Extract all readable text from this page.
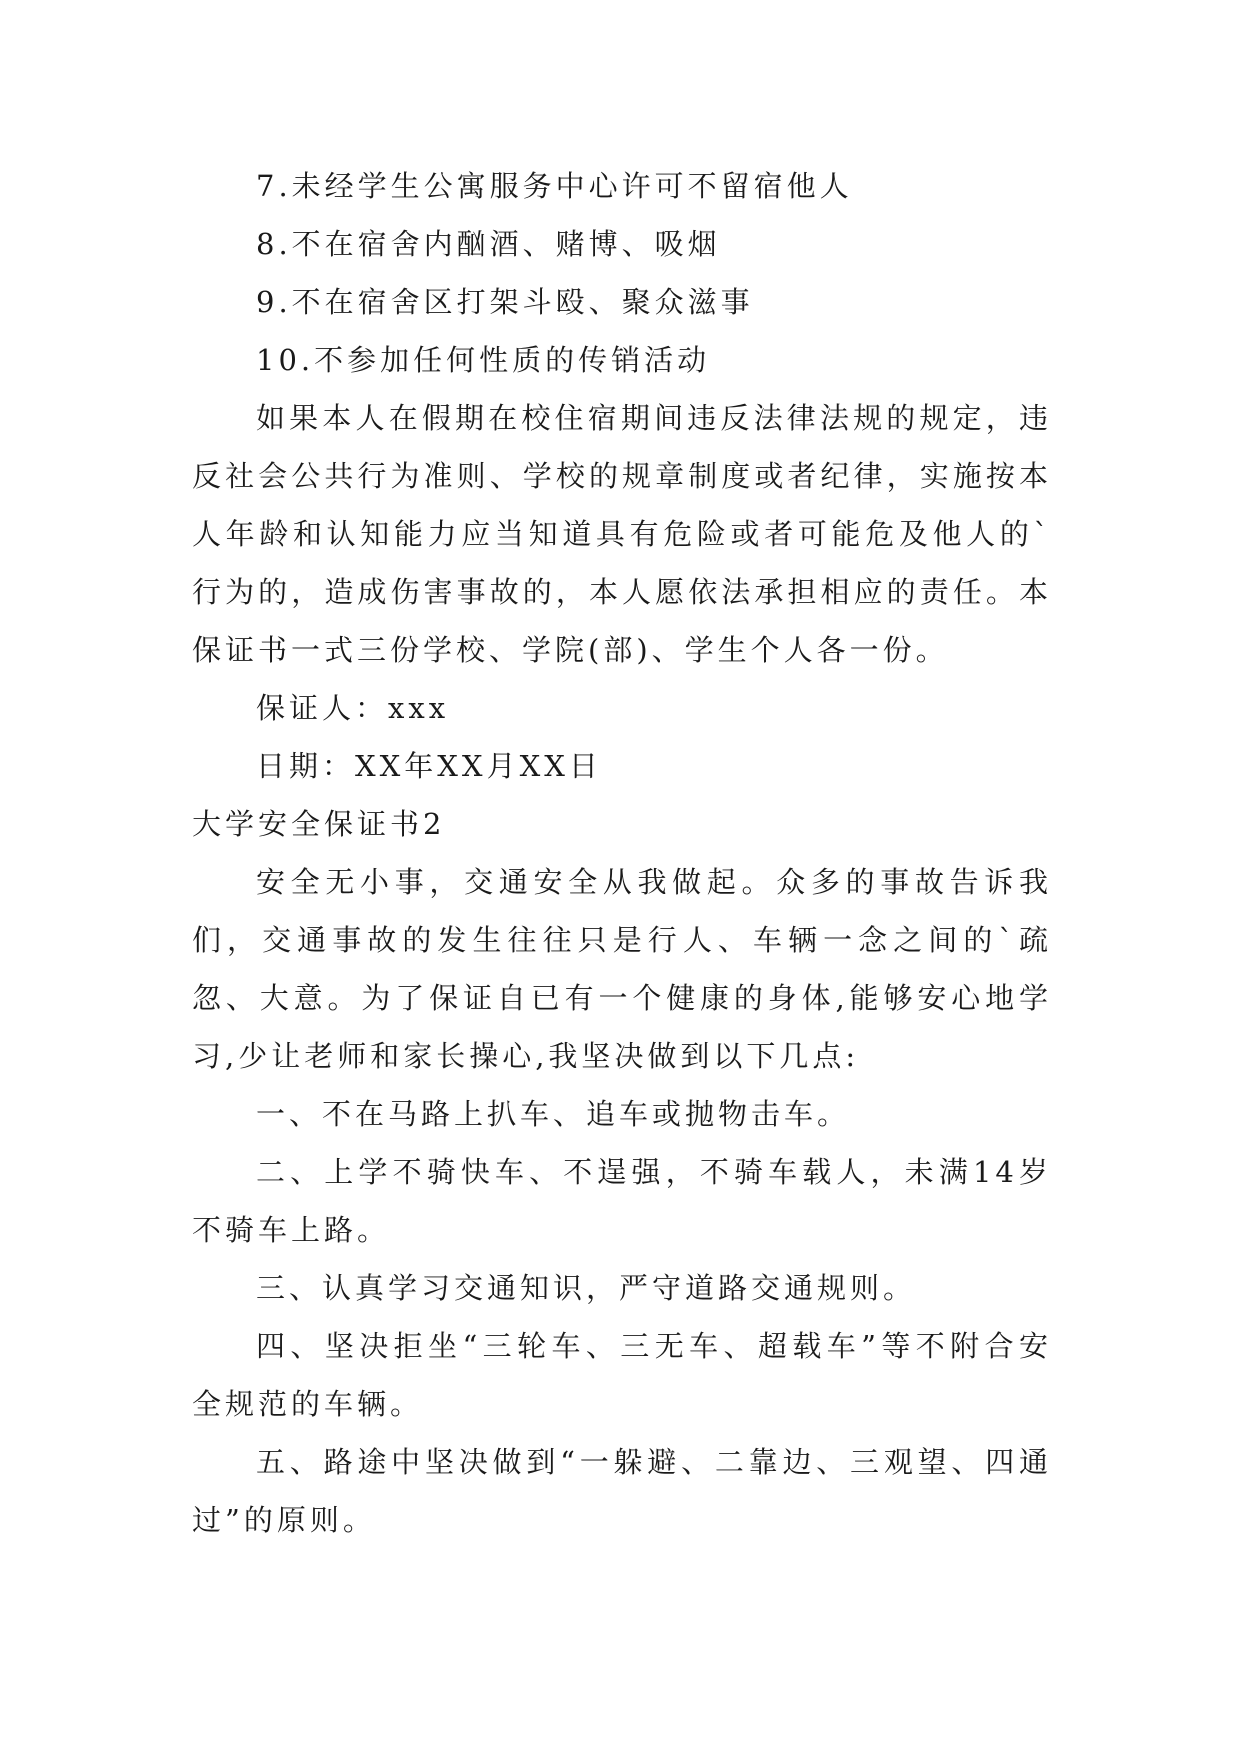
7.未经学生公寓服务中心许可不留宿他人

8.不在宿舍内酗酒、赌博、吸烟

9.不在宿舍区打架斗殴、聚众滋事

10.不参加任何性质的传销活动

如果本人在假期在校住宿期间违反法律法规的规定，违反社会公共行为准则、学校的规章制度或者纪律，实施按本人年龄和认知能力应当知道具有危险或者可能危及他人的`行为的，造成伤害事故的，本人愿依法承担相应的责任。本保证书一式三份学校、学院(部)、学生个人各一份。

保证人：xxx

日期：XX年XX月XX日

大学安全保证书2

安全无小事，交通安全从我做起。众多的事故告诉我们，交通事故的发生往往只是行人、车辆一念之间的`疏忽、大意。为了保证自已有一个健康的身体,能够安心地学习,少让老师和家长操心,我坚决做到以下几点:

一、不在马路上扒车、追车或抛物击车。

二、上学不骑快车、不逞强，不骑车载人，未满14岁不骑车上路。

三、认真学习交通知识，严守道路交通规则。

四、坚决拒坐“三轮车、三无车、超载车”等不附合安全规范的车辆。

五、路途中坚决做到“一躲避、二靠边、三观望、四通过”的原则。
